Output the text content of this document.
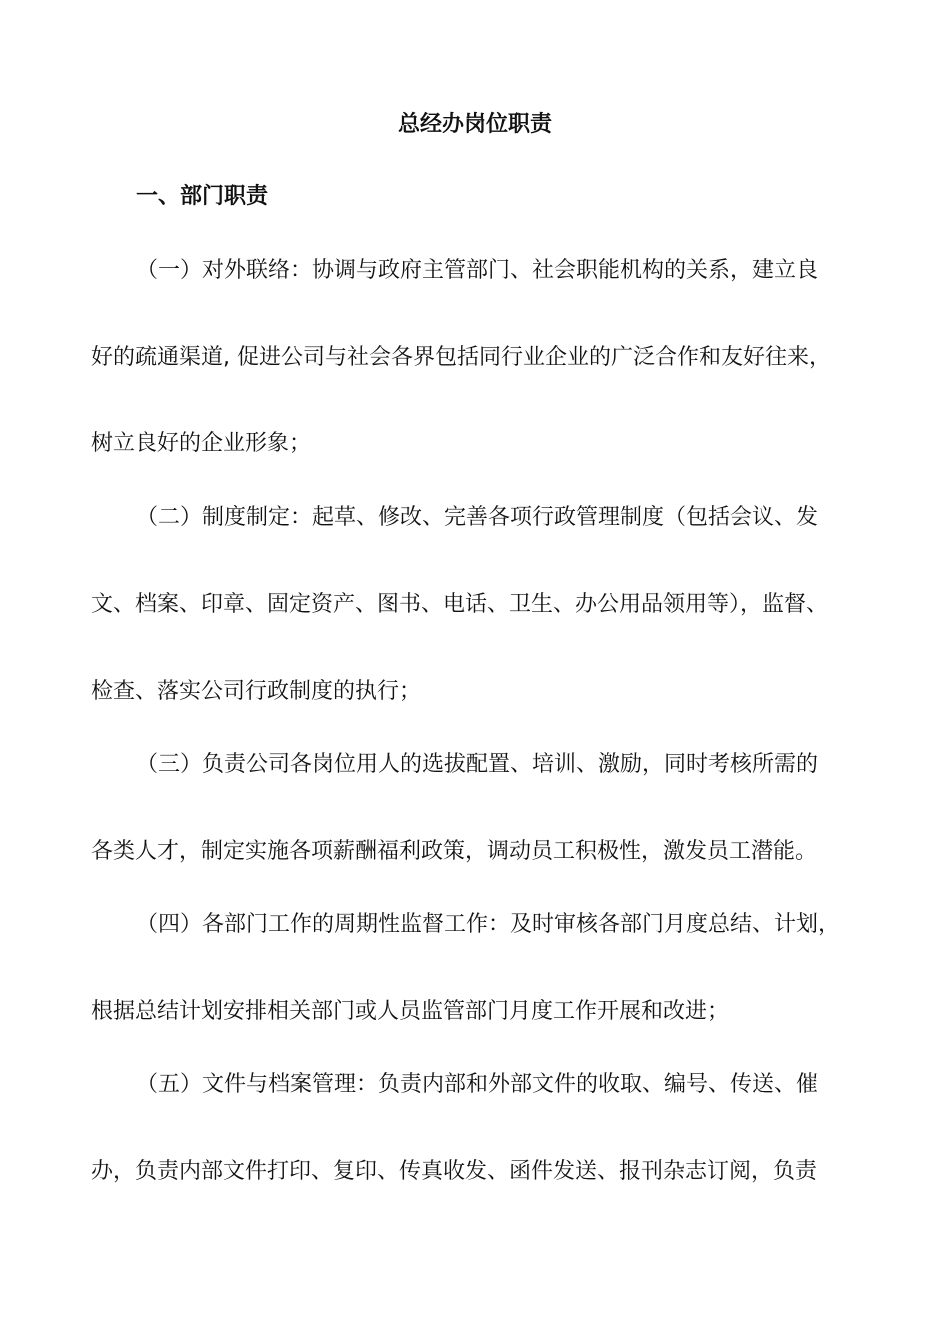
总经办岗位职责
一、部门职责
（一）对外联络：协调与政府主管部门、社会职能机构的关系，建立良
好的疏通渠道, 促进公司与社会各界包括同行业企业的广泛合作和友好往来，
树立良好的企业形象；
（二）制度制定：起草、修改、完善各项行政管理制度（包括会议、发
文、档案、印章、固定资产、图书、电话、卫生、办公用品领用等），监督、
检查、落实公司行政制度的执行；
（三）负责公司各岗位用人的选拔配置、培训、激励，同时考核所需的
各类人才，制定实施各项薪酬福利政策，调动员工积极性，激发员工潜能。
（四）各部门工作的周期性监督工作：及时审核各部门月度总结、计划，
根据总结计划安排相关部门或人员监管部门月度工作开展和改进；
（五）文件与档案管理：负责内部和外部文件的收取、编号、传送、催
办，负责内部文件打印、复印、传真收发、函件发送、报刊杂志订阅，负责
